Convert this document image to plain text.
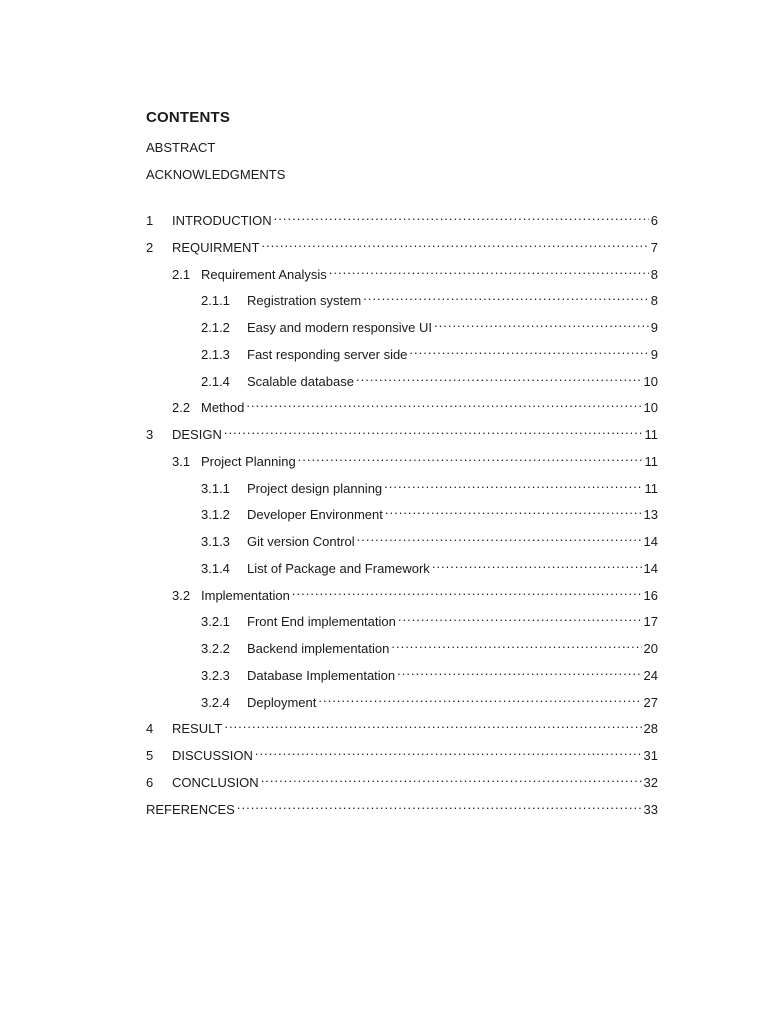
CONTENTS
ABSTRACT
ACKNOWLEDGMENTS
1	INTRODUCTION .....	6
2	REQUIRMENT .....	7
2.1 Requirement Analysis .....	8
2.1.1	Registration system .....	8
2.1.2	Easy and modern responsive UI .....	9
2.1.3	Fast responding server side .....	9
2.1.4	Scalable database .....	10
2.2 Method .....	10
3	DESIGN .....	11
3.1 Project Planning .....	11
3.1.1	Project design planning .....	11
3.1.2	Developer Environment .....	13
3.1.3	Git version Control .....	14
3.1.4	List of Package and Framework .....	14
3.2 Implementation .....	16
3.2.1	Front End implementation .....	17
3.2.2	Backend implementation .....	20
3.2.3	Database Implementation .....	24
3.2.4	Deployment .....	27
4	RESULT .....	28
5	DISCUSSION .....	31
6	CONCLUSION .....	32
REFERENCES .....	33
